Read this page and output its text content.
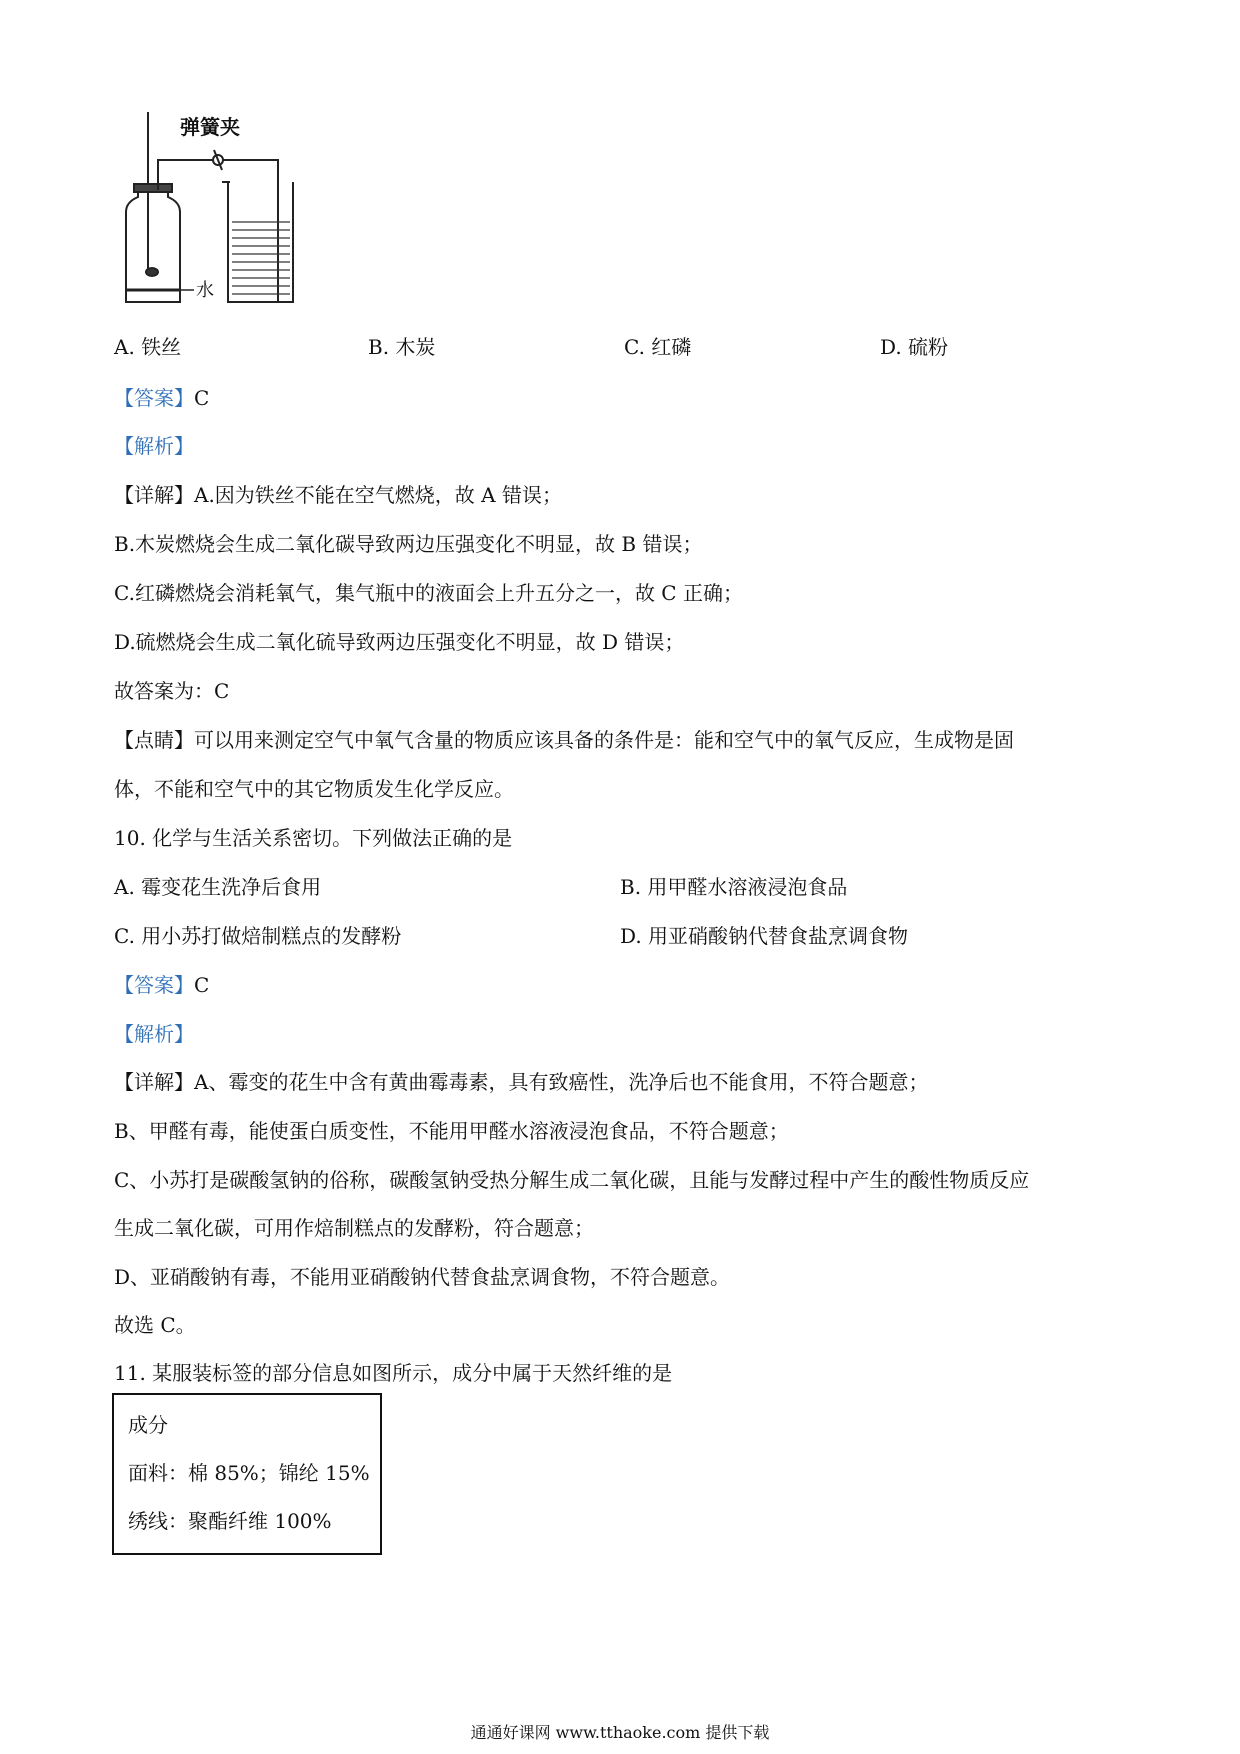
水
弹簧夹
A. 铁丝	B. 木炭	C. 红磷	D. 硫粉
【答案】C
【解析】
【详解】A.因为铁丝不能在空气燃烧，故 A 错误；
B.木炭燃烧会生成二氧化碳导致两边压强变化不明显，故 B 错误；
C.红磷燃烧会消耗氧气，集气瓶中的液面会上升五分之一，故 C 正确；
D.硫燃烧会生成二氧化硫导致两边压强变化不明显，故 D 错误；
故答案为：C
【点睛】可以用来测定空气中氧气含量的物质应该具备的条件是：能和空气中的氧气反应，生成物是固
体，不能和空气中的其它物质发生化学反应。
10. 化学与生活关系密切。下列做法正确的是
A. 霉变花生洗净后食用	B. 用甲醛水溶液浸泡食品
C. 用小苏打做焙制糕点的发酵粉	D. 用亚硝酸钠代替食盐烹调食物
【答案】C
【解析】
【详解】A、霉变的花生中含有黄曲霉毒素，具有致癌性，洗净后也不能食用，不符合题意；
B、甲醛有毒，能使蛋白质变性，不能用甲醛水溶液浸泡食品，不符合题意；
C、小苏打是碳酸氢钠的俗称，碳酸氢钠受热分解生成二氧化碳，且能与发酵过程中产生的酸性物质反应
生成二氧化碳，可用作焙制糕点的发酵粉，符合题意；
D、亚硝酸钠有毒，不能用亚硝酸钠代替食盐烹调食物，不符合题意。
故选 C。
11. 某服装标签的部分信息如图所示，成分中属于天然纤维的是
成分
面料：棉 85%；锦纶 15%
绣线：聚酯纤维 100%
通通好课网 www.tthaoke.com 提供下载
